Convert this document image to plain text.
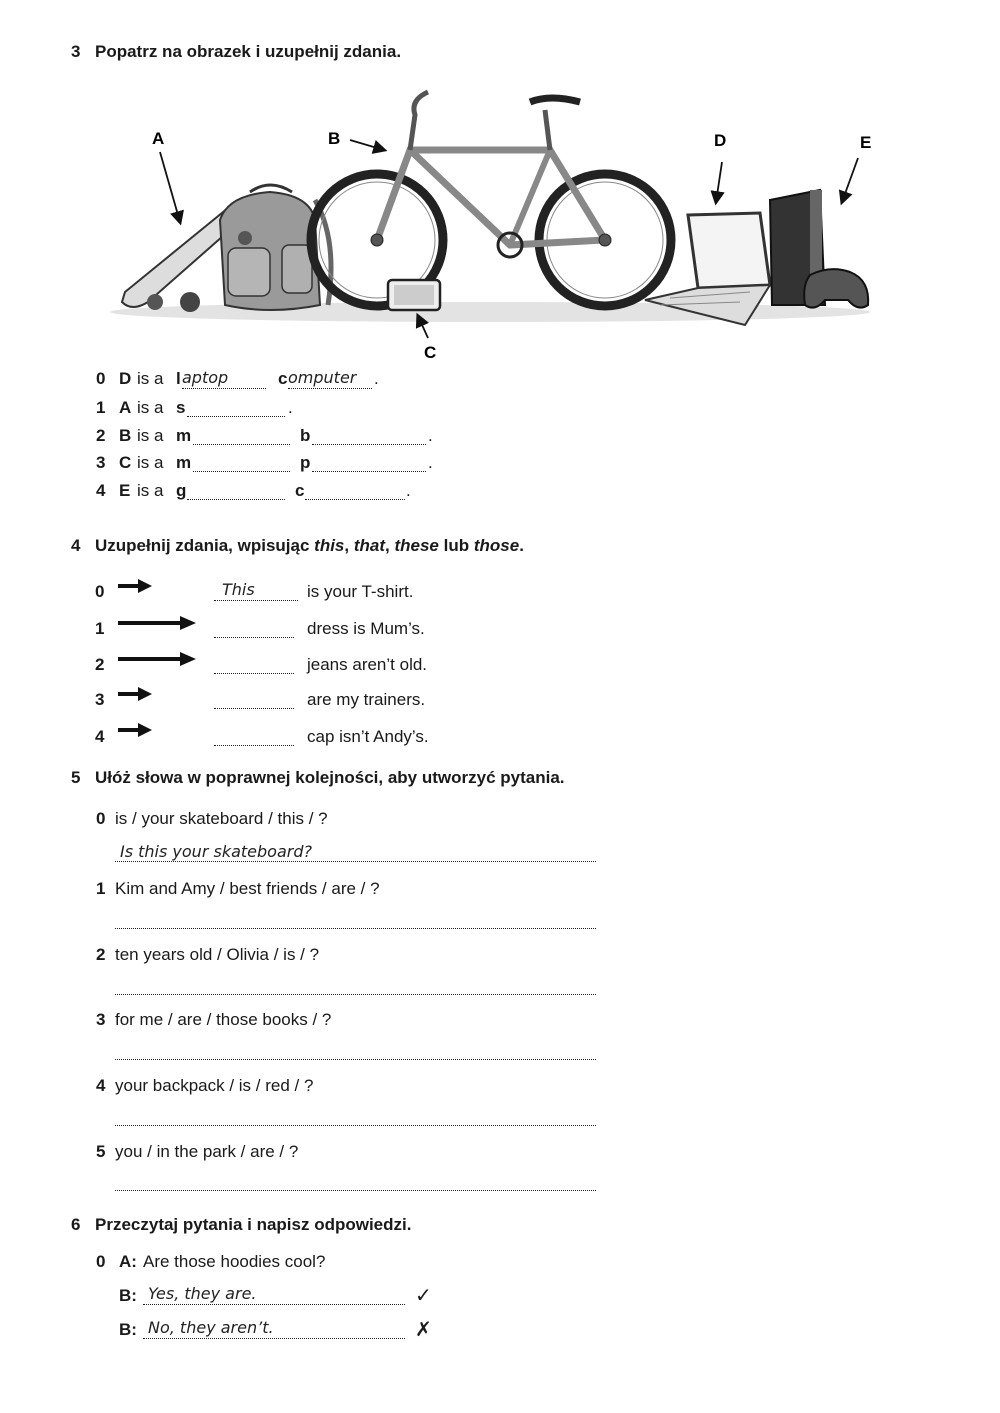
3 Popatrz na obrazek i uzupełnij zdania.
A	B
C
D	E
0 D is a l aptop	c omputer .
1 A is a s	.
2 B is a m	b	.
3 C is a m	p	.
4 E is a g	c	.
4 Uzupełnij zdania, wpisując this, that, these lub those.
0	This	is your T-shirt.
1	dress is Mum’s.
2	jeans aren’t old.
3	are my trainers.
4	cap isn’t Andy’s.
5 Ułóż słowa w poprawnej kolejności, aby utworzyć pytania.
0 is / your skateboard / this / ?
Is this your skateboard?
1 Kim and Amy / best friends / are / ?
2 ten years old / Olivia / is / ?
3 for me / are / those books / ?
4 your backpack / is / red / ?
5 you / in the park / are / ?
6 Przeczytaj pytania i napisz odpowiedzi.
0 A: Are those hoodies cool?
B: Yes, they are.	✓
B: No, they aren’t.	✗
